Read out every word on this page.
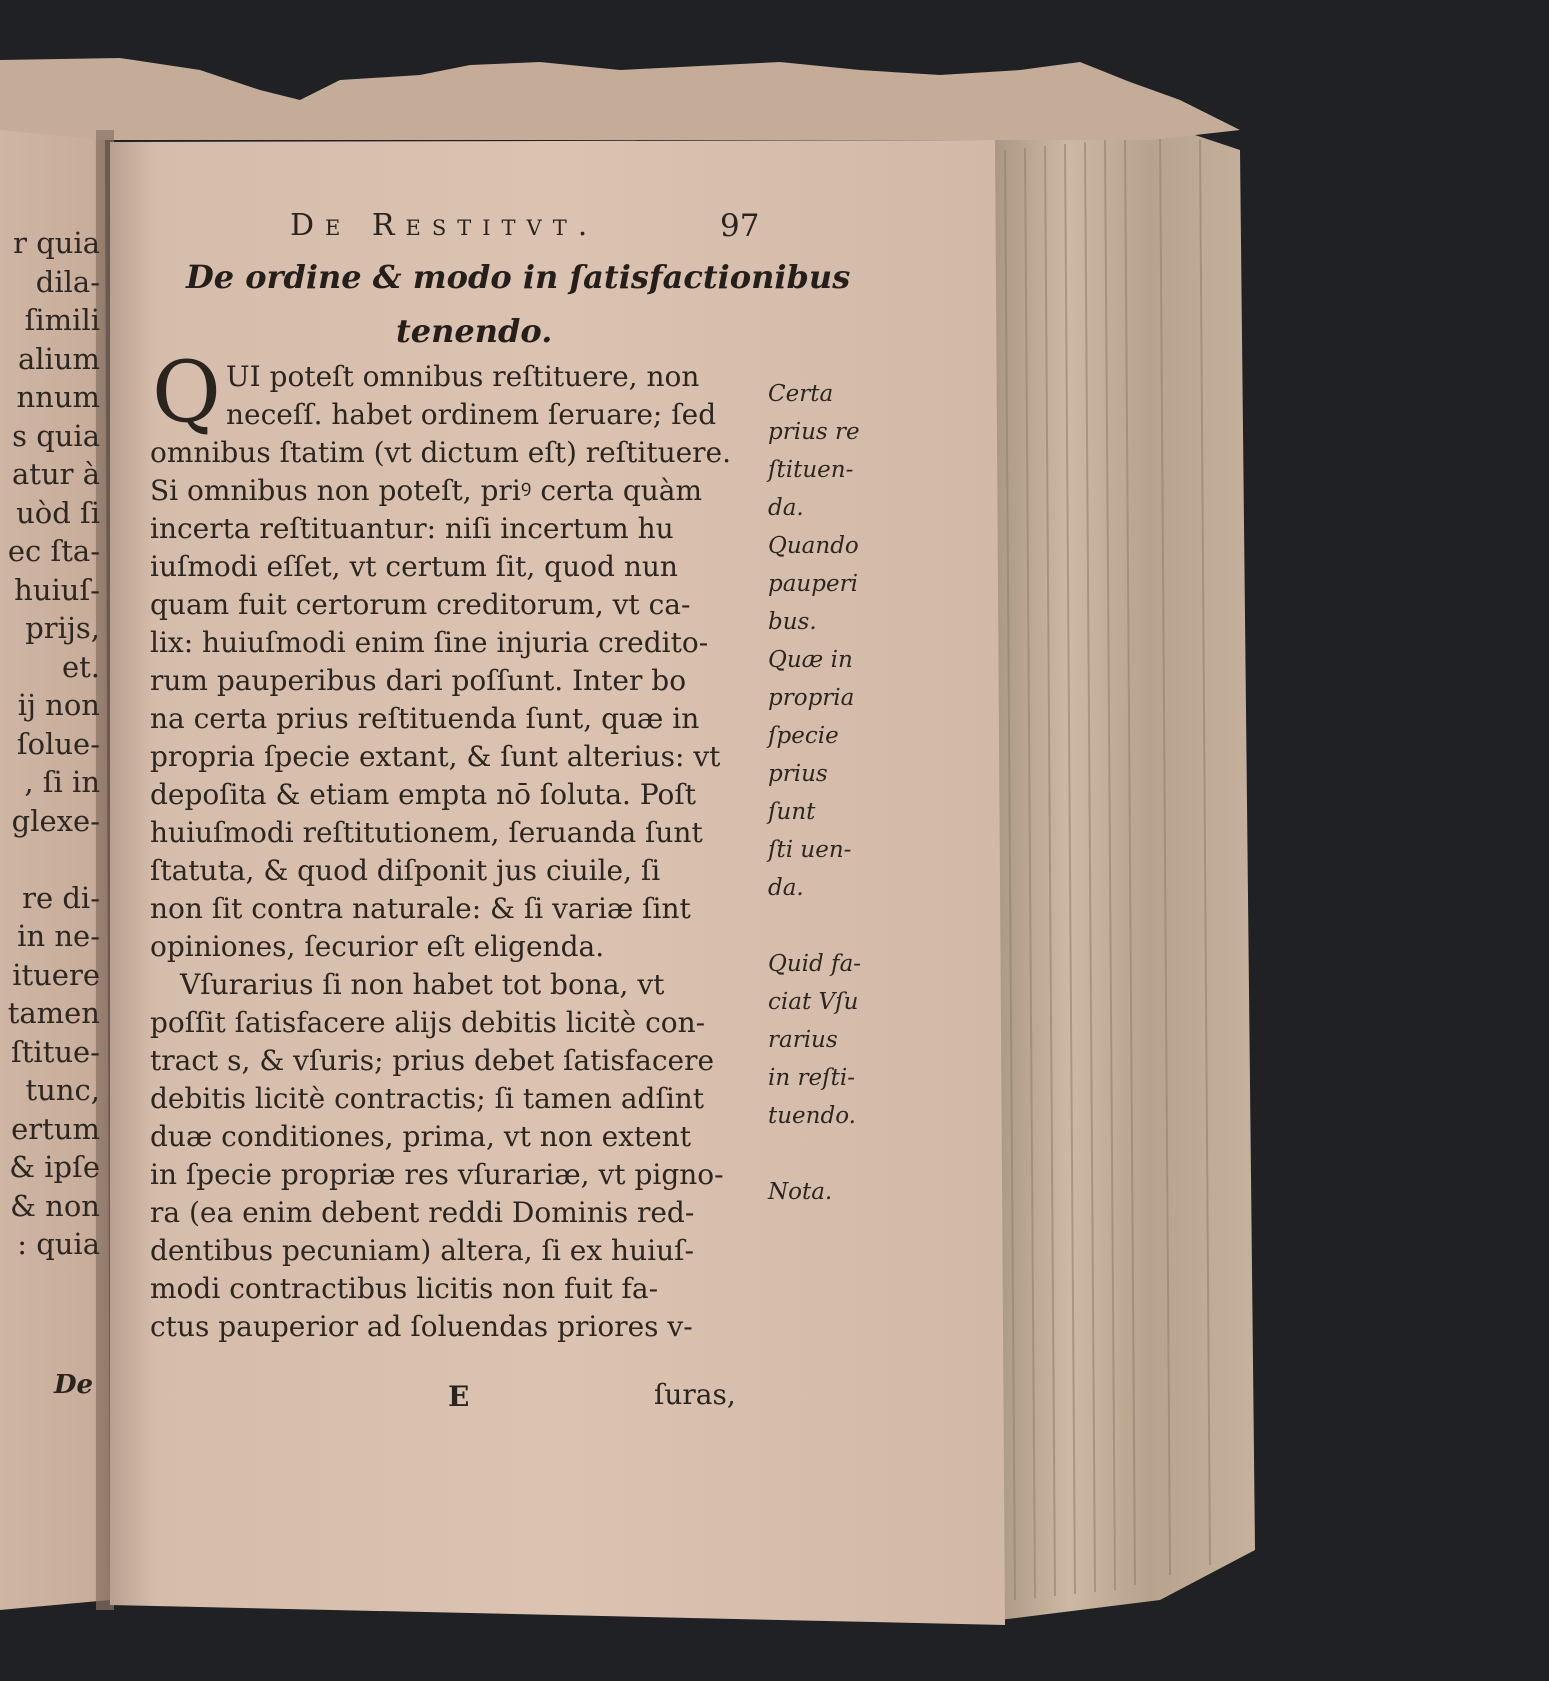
r quia
dila-
ſimili
alium
nnum
s quia
atur à
uòd ſi
ec ſta-
huiuſ-
prijs,
et.
ij non
ſolue-
, ſi in
glexe-
re di-
in ne-
ituere
tamen
ſtitue-
tunc,
ertum
& ipſe
& non
: quia
De
De Restitvt.	97
De ordine & modo in ſatisfactionibus
tenendo.
Q UI poteſt omnibus reſtituere, non
neceſſ. habet ordinem ſeruare; ſed
omnibus ſtatim (vt dictum eſt) reſtituere.
Si omnibus non poteſt, priꝰ certa quàm
incerta reſtituantur: niſi incertum hu
iuſmodi eſſet, vt certum ſit, quod nun
quam fuit certorum creditorum, vt ca-
lix: huiuſmodi enim ſine injuria credito-
rum pauperibus dari poſſunt. Inter bo
na certa prius reſtituenda ſunt, quæ in
propria ſpecie extant, & ſunt alterius: vt
depoſita & etiam empta nō ſoluta. Poſt
huiuſmodi reſtitutionem, ſeruanda ſunt
ſtatuta, & quod diſponit jus ciuile, ſi
non ſit contra naturale: & ſi variæ ſint
opiniones, ſecurior eſt eligenda.
Vſurarius ſi non habet tot bona, vt
poſſit ſatisfacere alijs debitis licitè con-
tract s, & vſuris; prius debet ſatisfacere
debitis licitè contractis; ſi tamen adſint
duæ conditiones, prima, vt non extent
in ſpecie propriæ res vſurariæ, vt pigno-
ra (ea enim debent reddi Dominis red-
dentibus pecuniam) altera, ſi ex huiuſ-
modi contractibus licitis non fuit fa-
ctus pauperior ad ſoluendas priores v-
Certa
prius re
ſtituen-
da.
Quando
pauperi
bus.
Quæ in
propria
ſpecie
prius
ſunt
ſti uen-
da.
Quid fa-
ciat Vſu
rarius
in reſti-
tuendo.
Nota.
E	ſuras,
